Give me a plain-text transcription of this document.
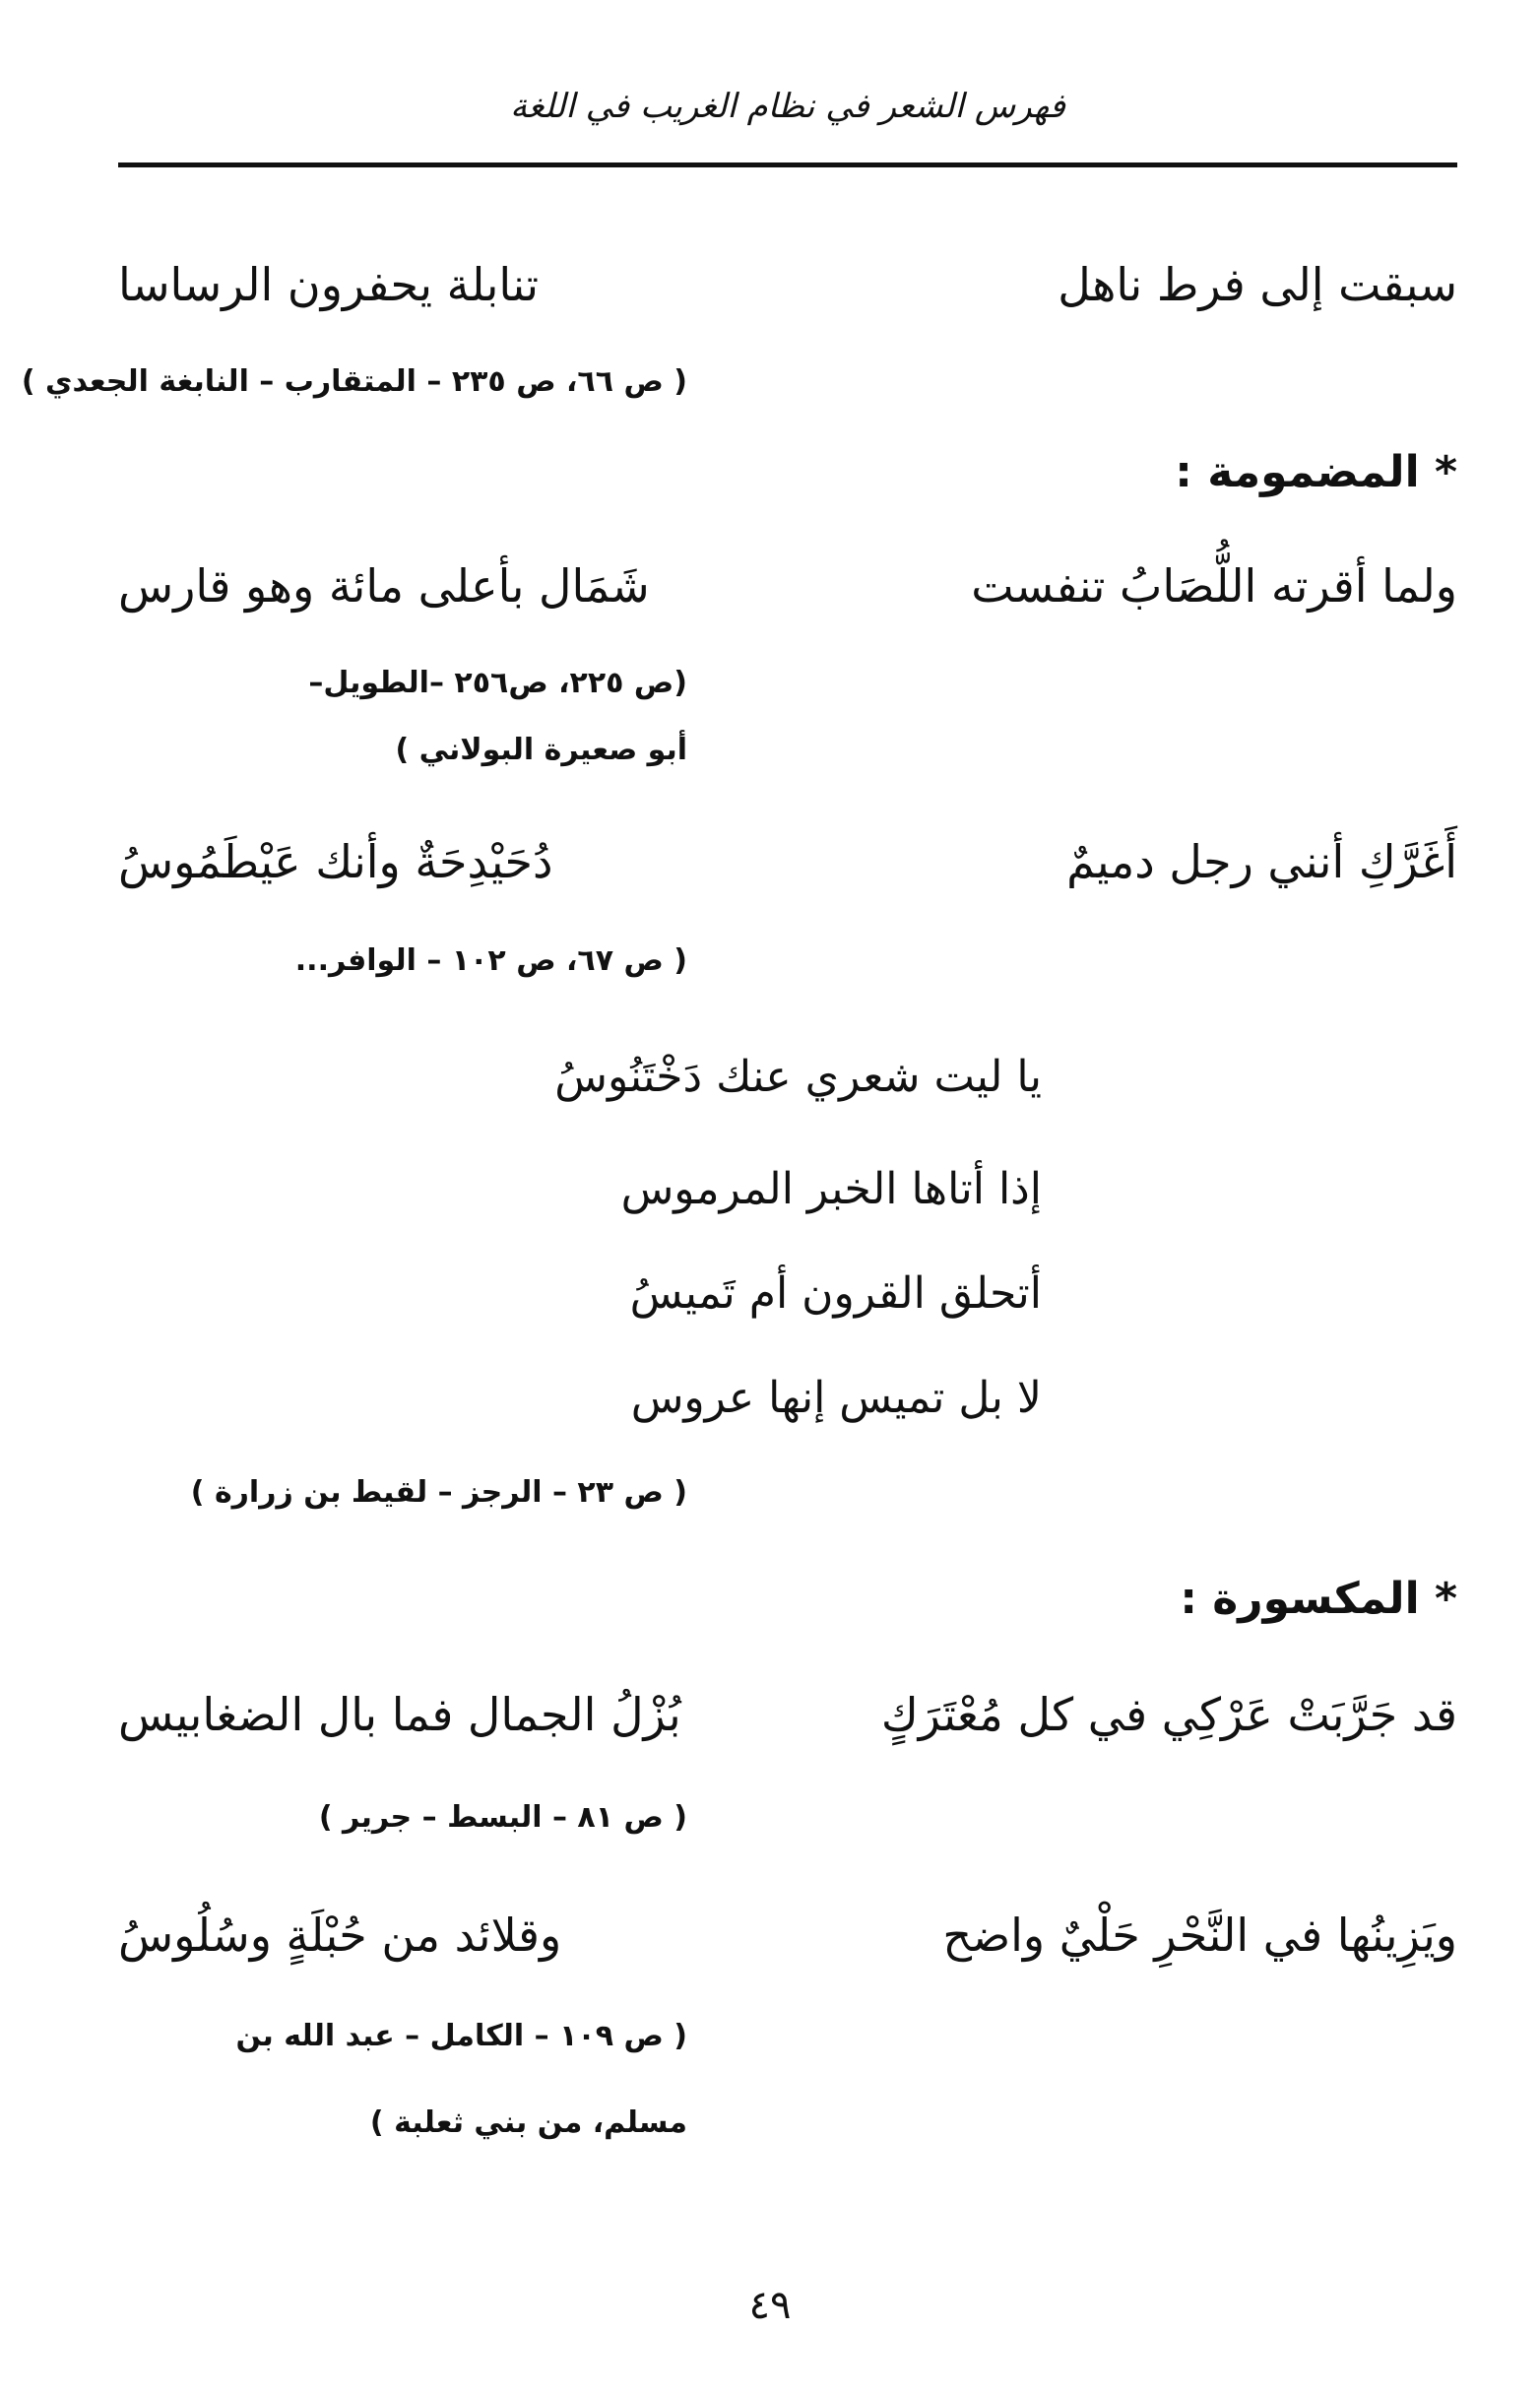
فهرس الشعر في نظام الغريب في اللغة
سبقت إلى فرط ناهل
تنابلة يحفرون الرساسا
( ص ٦٦، ص ٢٣٥ – المتقارب – النابغة الجعدي )
* المضمومة :
ولما أقرته اللُّصَابُ تنفست
شَمَال بأعلى مائة وهو قارس
(ص ٢٢٥، ص٢٥٦ –الطويل–
أبو صعيرة البولاني )
أَغَرَّكِ أنني رجل دميمٌ
دُحَيْدِحَةٌ وأنك عَيْطَمُوسُ
( ص ٦٧، ص ١٠٢ – الوافر...
يا ليت شعري عنك دَخْتَنُوسُ
إذا أتاها الخبر المرموس
أتحلق القرون أم تَميسُ
لا بل تميس إنها عروس
( ص ٢٣ – الرجز – لقيط بن زرارة )
* المكسورة :
قد جَرَّبَتْ عَرْكِي في كل مُعْتَرَكٍ
بُزْلُ الجمال فما بال الضغابيس
( ص ٨١ – البسط – جرير )
ويَزِينُها في النَّحْرِ حَلْيٌ واضح
وقلائد من حُبْلَةٍ وسُلُوسُ
( ص ١٠٩ – الكامل – عبد الله بن
مسلم، من بني ثعلبة )
٤٩
